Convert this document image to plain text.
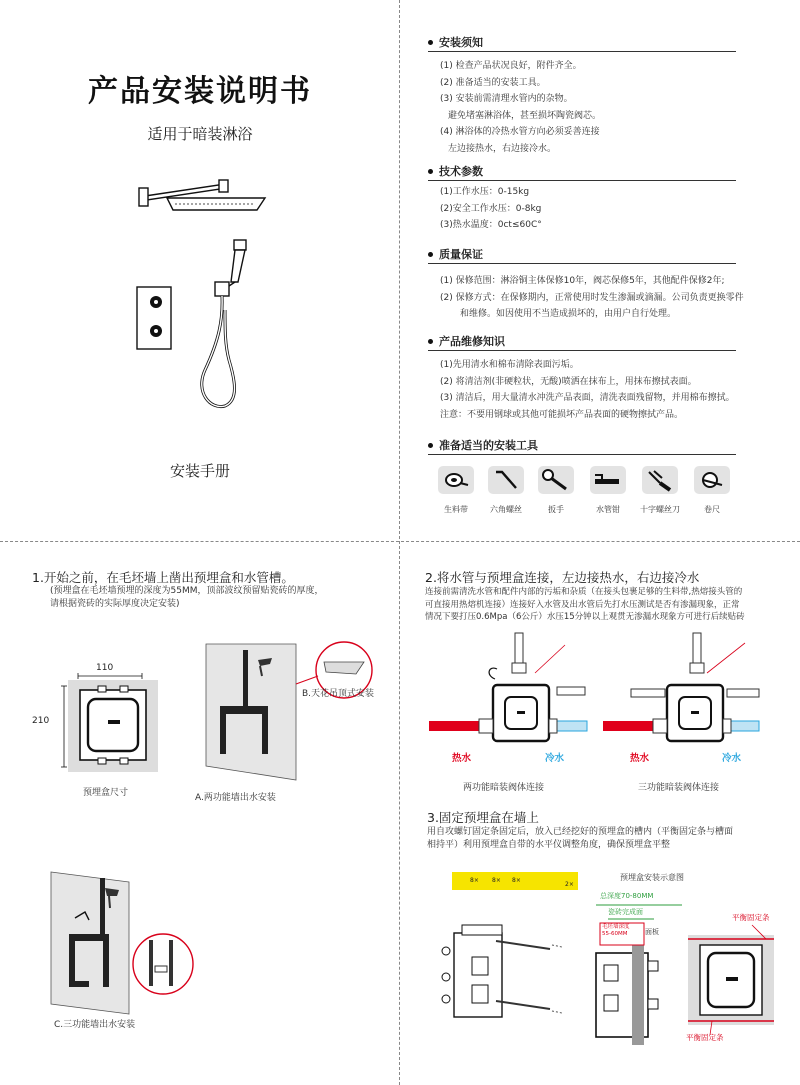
产品安装说明书
适用于暗装淋浴
安装手册
安装须知
(1) 检查产品状况良好，附件齐全。
(2) 准备适当的安装工具。
(3) 安装前需清理水管内的杂物。
避免堵塞淋浴体，甚至损坏陶瓷阀芯。
(4) 淋浴体的冷热水管方向必须妥善连接
左边接热水，右边接冷水。
技术参数
(1)工作水压：0-15kg
(2)安全工作水压：0-8kg
(3)热水温度：0ct≤60C°
质量保证
(1) 保修范围：淋浴铜主体保修10年，阀芯保修5年，其他配件保修2年;
(2) 保修方式：在保修期内，正常使用时发生渗漏或滴漏。公司负责更换零件
和维修。如因使用不当造成损坏的，由用户自行处理。
产品维修知识
(1)先用清水和棉布清除表面污垢。
(2) 将清洁剂(非硬粒状，无酸)喷洒在抹布上，用抹布擦拭表面。
(3) 清洁后，用大量清水冲洗产品表面，清洗表面残留物，并用棉布擦拭。
注意：不要用钢球或其他可能损坏产品表面的硬物擦拭产品。
准备适当的安装工具
生料带	六角螺丝	扳手	水管钳	十字螺丝刀	卷尺
1.开始之前，在毛坯墙上凿出预埋盒和水管槽。
(预埋盒在毛坯墙预埋的深度为55MM，顶部波纹预留贴瓷砖的厚度，
请根据瓷砖的实际厚度决定安装)
110
210
预埋盒尺寸
B.天花吊顶式安装
A.两功能墙出水安装
C.三功能墙出水安装
2.将水管与预埋盒连接，左边接热水，右边接冷水
连接前需清洗水管和配件内部的污垢和杂质（在接头包裹足够的生料带,热熔接头管的
可直接用热熔机连接）连接好入水管及出水管后先打水压测试是否有渗漏现象，正常
情况下要打压0.6Mpa（6公斤）水压15分钟以上观贯无渗漏水现象方可进行后续贴砖
热水	冷水	热水	冷水
两功能暗装阀体连接	三功能暗装阀体连接
3.固定预埋盒在墙上
用自攻螺钉固定条固定后，放入已经挖好的预埋盒的槽内（平衡固定条与槽面
相持平）利用预埋盒自带的水平仪调整角度，确保预埋盒平整
预埋盒安装示意图
8× 8× 8×
2×
总深度70-80MM
瓷砖完成面
毛坯墙深度
55-60MM	面板
平衡固定条
平衡固定条
